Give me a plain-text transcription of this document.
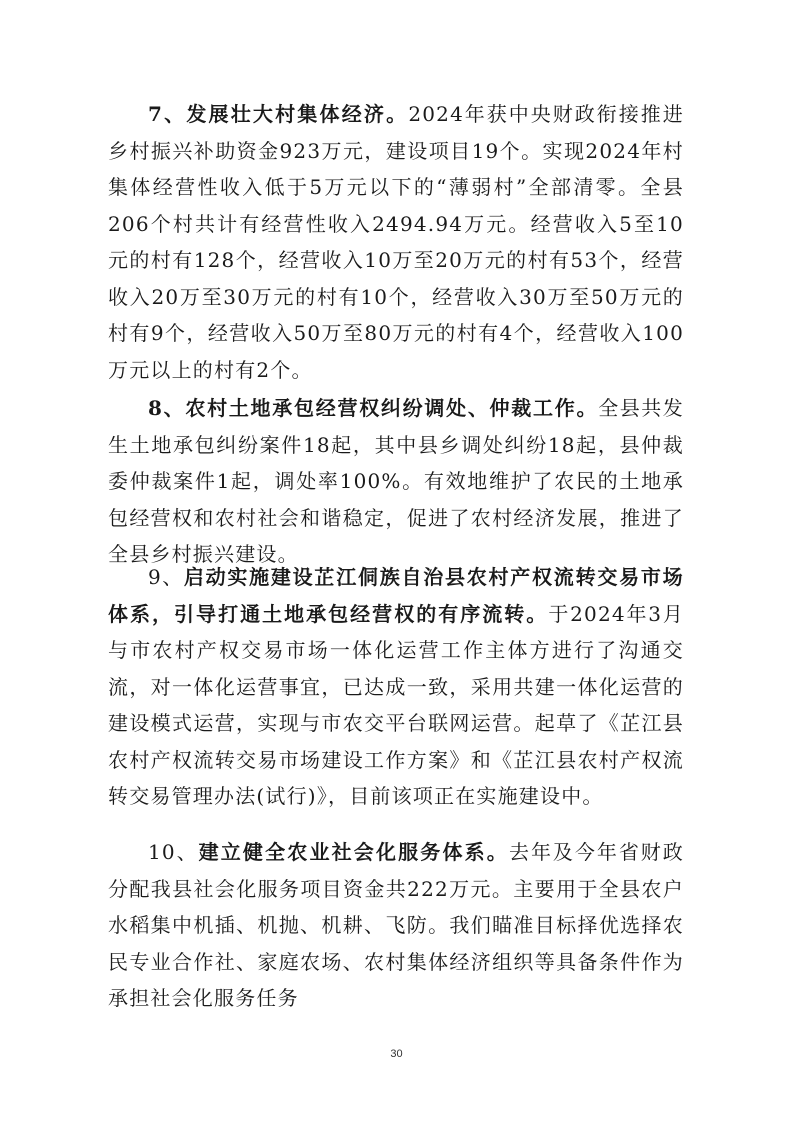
7、发展壮大村集体经济。2024年获中央财政衔接推进乡村振兴补助资金923万元，建设项目19个。实现2024年村集体经营性收入低于5万元以下的“薄弱村”全部清零。全县206个村共计有经营性收入2494.94万元。经营收入5至10元的村有128个，经营收入10万至20万元的村有53个，经营收入20万至30万元的村有10个，经营收入30万至50万元的村有9个，经营收入50万至80万元的村有4个，经营收入100万元以上的村有2个。

8、农村土地承包经营权纠纷调处、仲裁工作。全县共发生土地承包纠纷案件18起，其中县乡调处纠纷18起，县仲裁委仲裁案件1起，调处率100%。有效地维护了农民的土地承包经营权和农村社会和谐稳定，促进了农村经济发展，推进了全县乡村振兴建设。

9、启动实施建设芷江侗族自治县农村产权流转交易市场体系，引导打通土地承包经营权的有序流转。于2024年3月与市农村产权交易市场一体化运营工作主体方进行了沟通交流，对一体化运营事宜，已达成一致，采用共建一体化运营的建设模式运营，实现与市农交平台联网运营。起草了《芷江县农村产权流转交易市场建设工作方案》和《芷江县农村产权流转交易管理办法(试行)》，目前该项正在实施建设中。

10、建立健全农业社会化服务体系。去年及今年省财政分配我县社会化服务项目资金共222万元。主要用于全县农户水稻集中机插、机抛、机耕、飞防。我们瞄准目标择优选择农民专业合作社、家庭农场、农村集体经济组织等具备条件作为承担社会化服务任务

30
